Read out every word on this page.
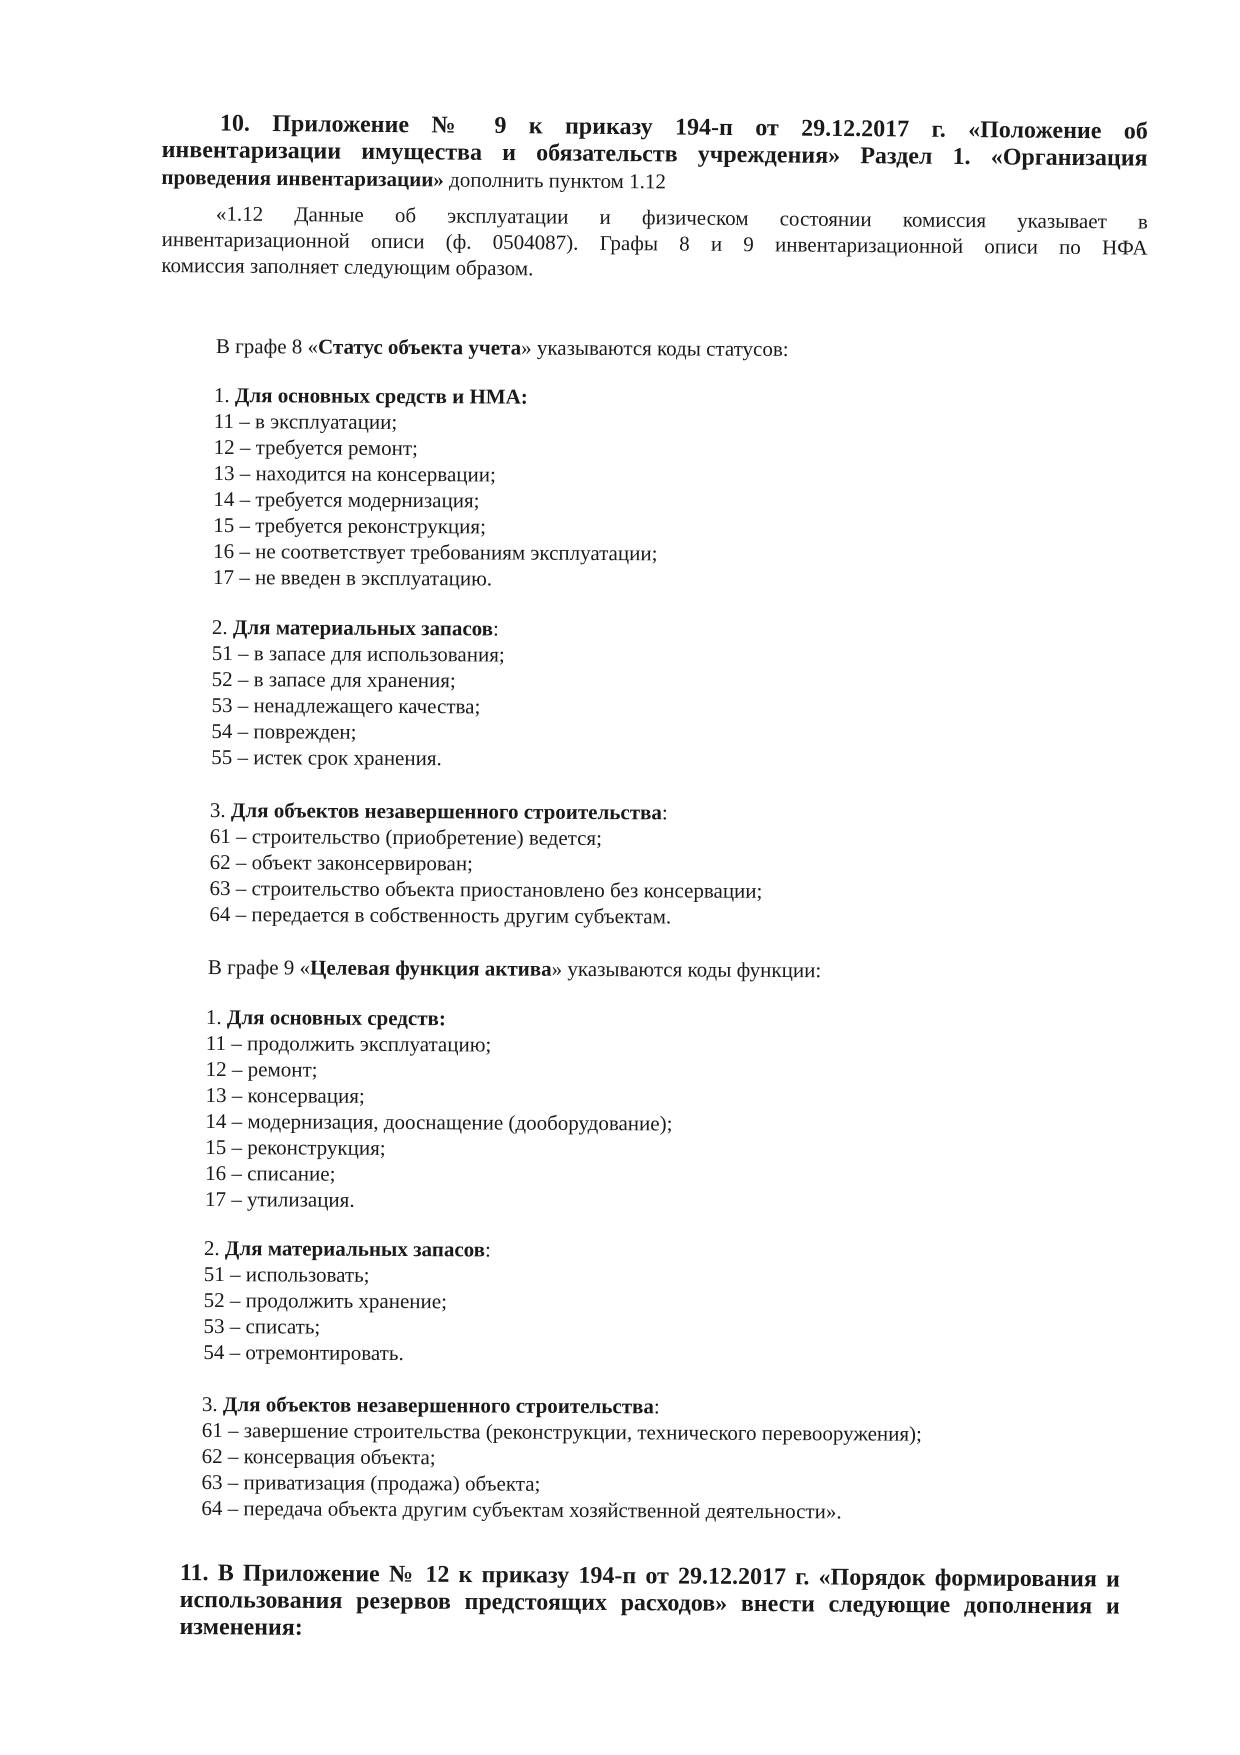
10. Приложение № 9 к приказу 194-п от 29.12.2017 г. «Положение об
инвентаризации имущества и обязательств учреждения» Раздел 1. «Организация
проведения инвентаризации» дополнить пунктом 1.12
«1.12 Данные об эксплуатации и физическом состоянии комиссия указывает в
инвентаризационной описи (ф. 0504087). Графы 8 и 9 инвентаризационной описи по НФА
комиссия заполняет следующим образом.
В графе 8 «Статус объекта учета» указываются коды статусов:
1. Для основных средств и НМА:
11 – в эксплуатации;
12 – требуется ремонт;
13 – находится на консервации;
14 – требуется модернизация;
15 – требуется реконструкция;
16 – не соответствует требованиям эксплуатации;
17 – не введен в эксплуатацию.
2. Для материальных запасов:
51 – в запасе для использования;
52 – в запасе для хранения;
53 – ненадлежащего качества;
54 – поврежден;
55 – истек срок хранения.
3. Для объектов незавершенного строительства:
61 – строительство (приобретение) ведется;
62 – объект законсервирован;
63 – строительство объекта приостановлено без консервации;
64 – передается в собственность другим субъектам.
В графе 9 «Целевая функция актива» указываются коды функции:
1. Для основных средств:
11 – продолжить эксплуатацию;
12 – ремонт;
13 – консервация;
14 – модернизация, дооснащение (дооборудование);
15 – реконструкция;
16 – списание;
17 – утилизация.
2. Для материальных запасов:
51 – использовать;
52 – продолжить хранение;
53 – списать;
54 – отремонтировать.
3. Для объектов незавершенного строительства:
61 – завершение строительства (реконструкции, технического перевооружения);
62 – консервация объекта;
63 – приватизация (продажа) объекта;
64 – передача объекта другим субъектам хозяйственной деятельности».
11. В Приложение № 12 к приказу 194-п от 29.12.2017 г. «Порядок формирования и
использования резервов предстоящих расходов» внести следующие дополнения и
изменения:
